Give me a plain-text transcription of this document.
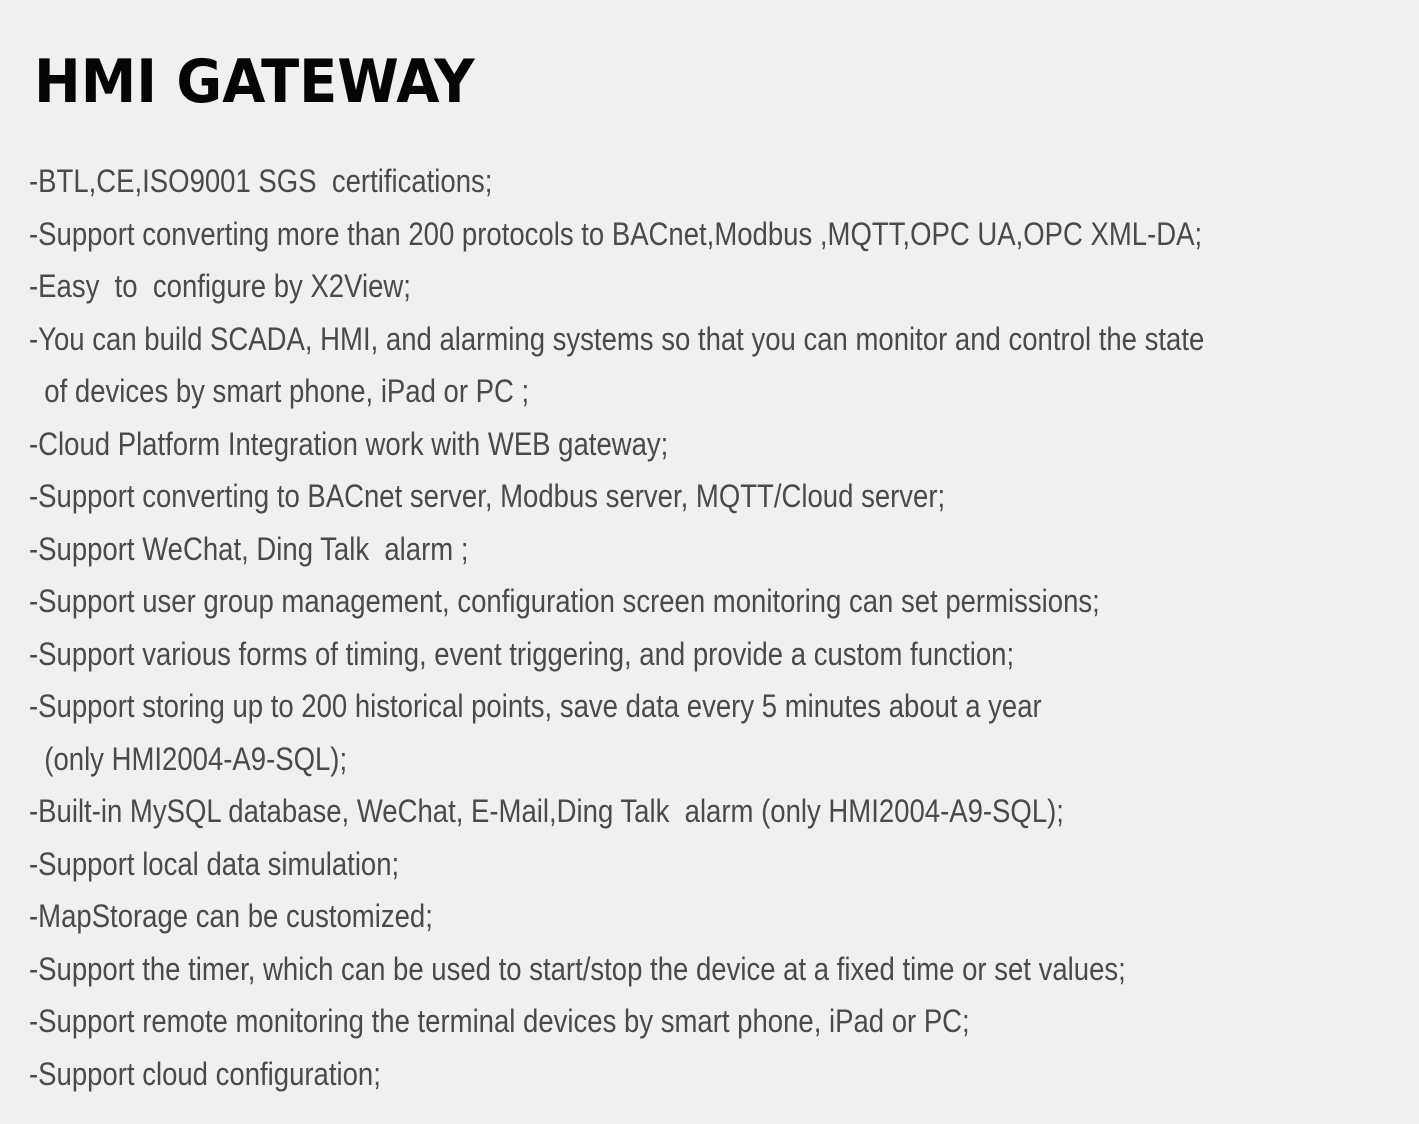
HMI GATEWAY
-BTL,CE,ISO9001 SGS  certifications;
-Support converting more than 200 protocols to BACnet,Modbus ,MQTT,OPC UA,OPC XML-DA;
-Easy  to  configure by X2View;
-You can build SCADA, HMI, and alarming systems so that you can monitor and control the state
of devices by smart phone, iPad or PC ;
-Cloud Platform Integration work with WEB gateway;
-Support converting to BACnet server, Modbus server, MQTT/Cloud server;
-Support WeChat, Ding Talk  alarm ;
-Support user group management, configuration screen monitoring can set permissions;
-Support various forms of timing, event triggering, and provide a custom function;
-Support storing up to 200 historical points, save data every 5 minutes about a year
(only HMI2004-A9-SQL);
-Built-in MySQL database, WeChat, E-Mail,Ding Talk  alarm (only HMI2004-A9-SQL);
-Support local data simulation;
-MapStorage can be customized;
-Support the timer, which can be used to start/stop the device at a fixed time or set values;
-Support remote monitoring the terminal devices by smart phone, iPad or PC;
-Support cloud configuration;
